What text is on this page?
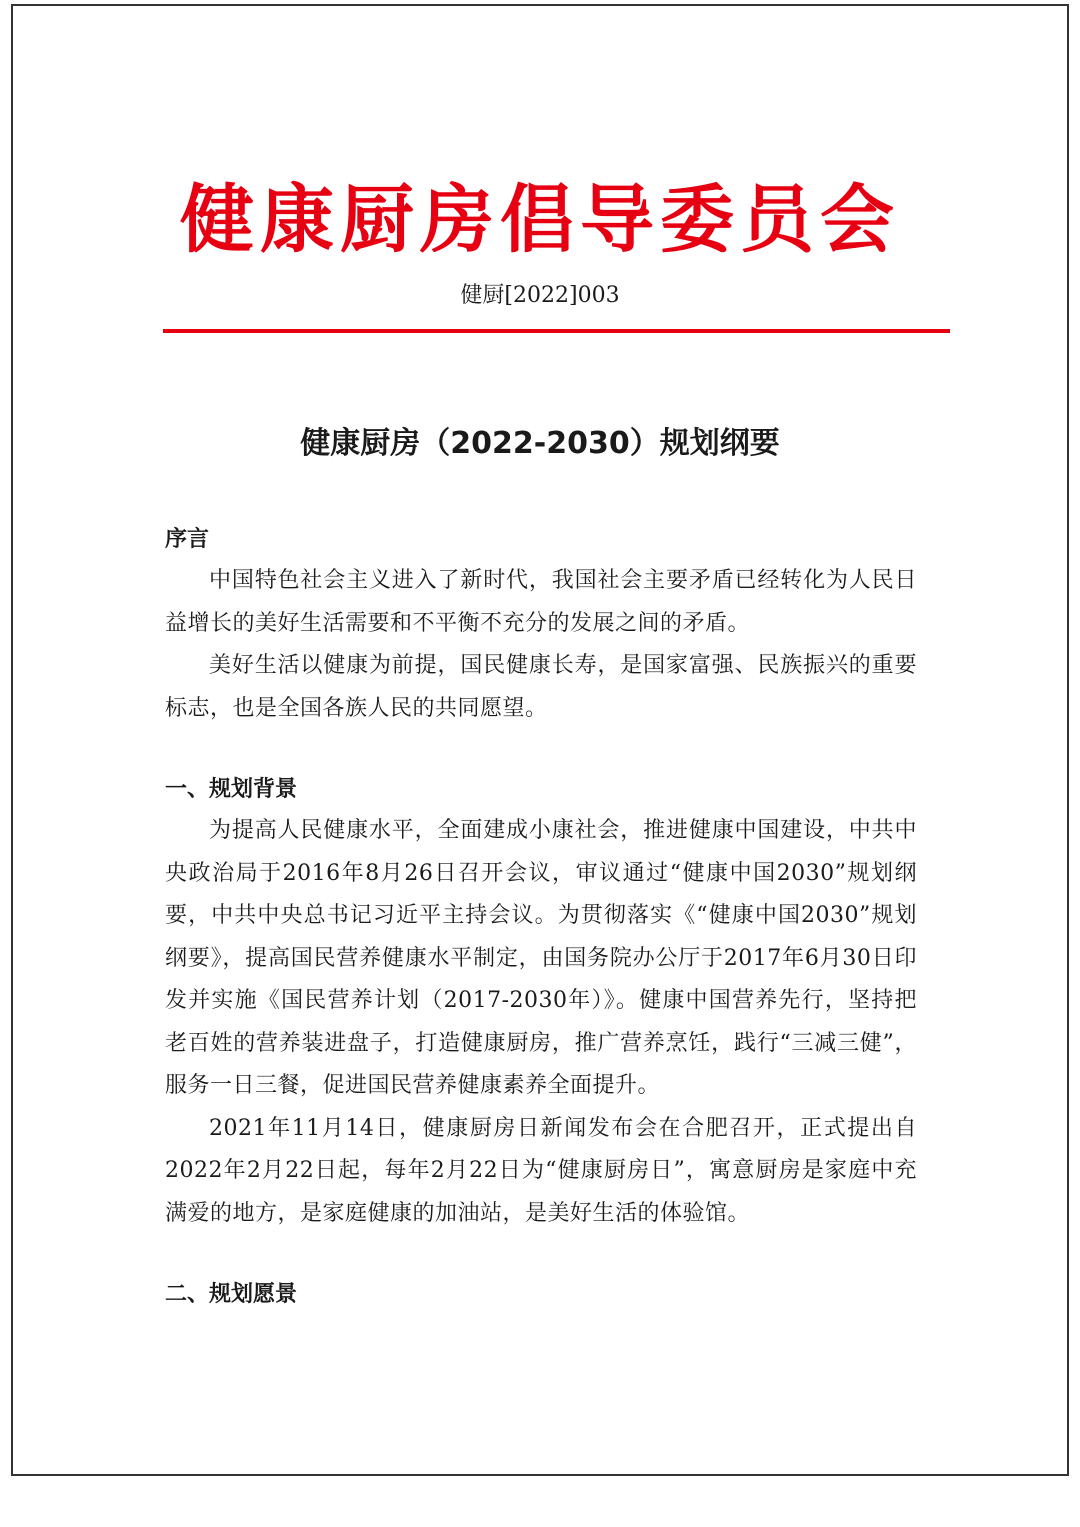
健康厨房倡导委员会
健厨[2022]003
健康厨房（2022-2030）规划纲要
序言

中国特色社会主义进入了新时代，我国社会主要矛盾已经转化为人民日益增长的美好生活需要和不平衡不充分的发展之间的矛盾。

美好生活以健康为前提，国民健康长寿，是国家富强、民族振兴的重要标志，也是全国各族人民的共同愿望。

一、规划背景

为提高人民健康水平，全面建成小康社会，推进健康中国建设，中共中央政治局于2016年8月26日召开会议，审议通过“健康中国2030”规划纲要，中共中央总书记习近平主持会议。为贯彻落实《“健康中国2030”规划纲要》，提高国民营养健康水平制定，由国务院办公厅于2017年6月30日印发并实施《国民营养计划（2017-2030年）》。健康中国营养先行，坚持把老百姓的营养装进盘子，打造健康厨房，推广营养烹饪，践行“三减三健”，服务一日三餐，促进国民营养健康素养全面提升。

2021年11月14日，健康厨房日新闻发布会在合肥召开，正式提出自2022年2月22日起，每年2月22日为“健康厨房日”，寓意厨房是家庭中充满爱的地方，是家庭健康的加油站，是美好生活的体验馆。

二、规划愿景
